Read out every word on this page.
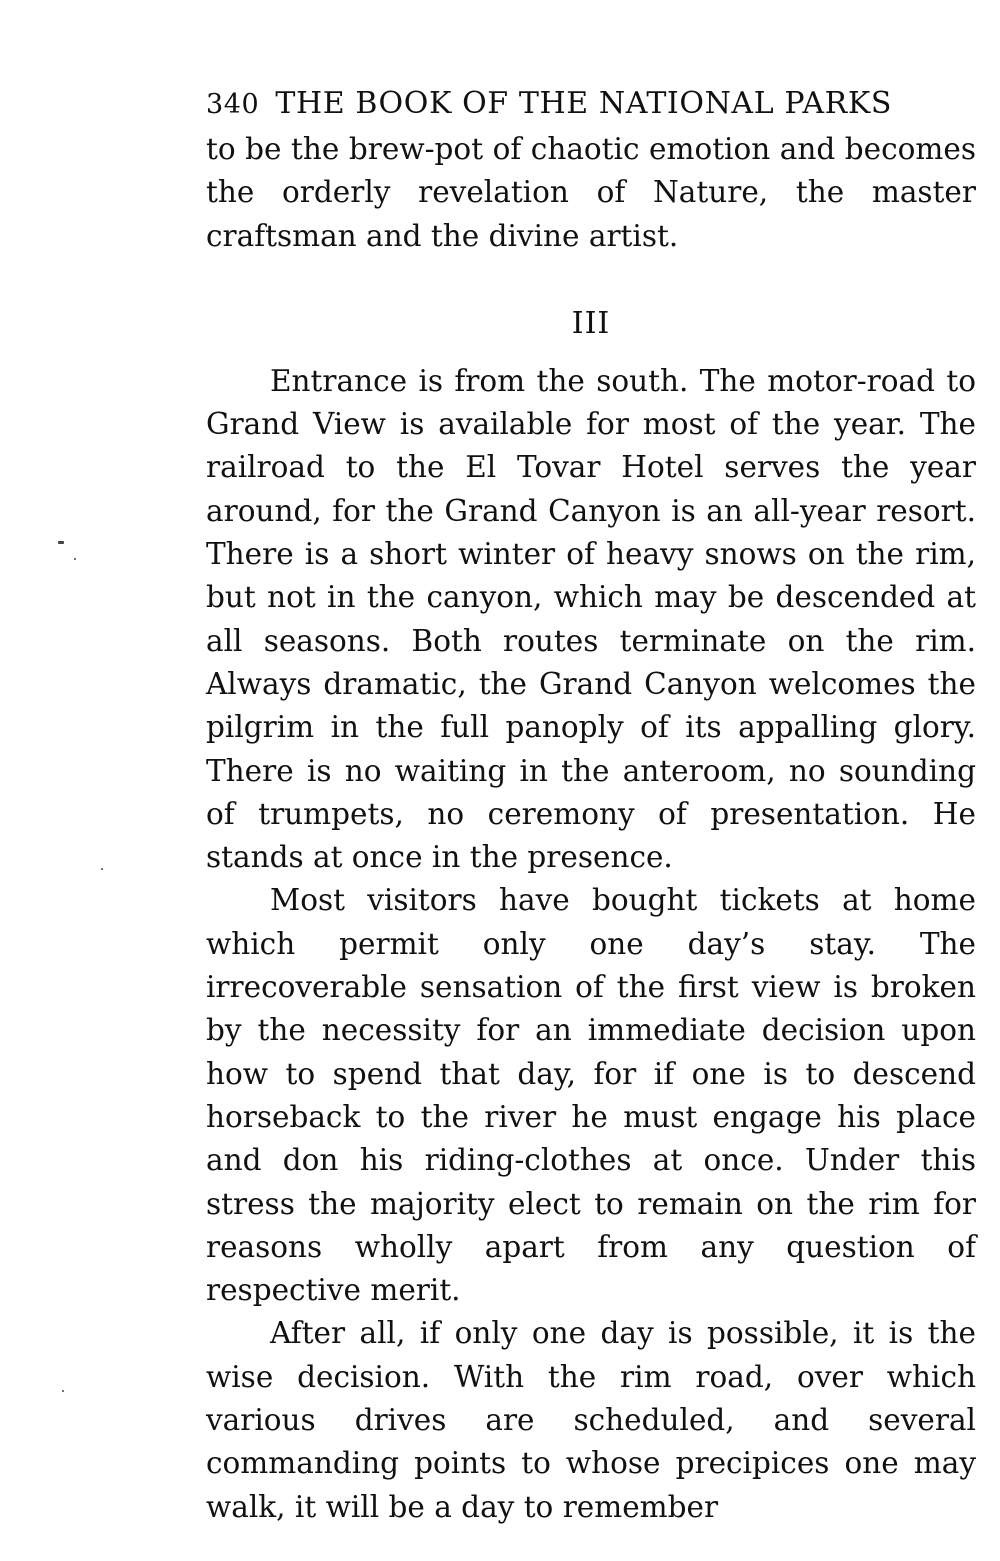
340 THE BOOK OF THE NATIONAL PARKS

to be the brew-pot of chaotic emotion and becomes the orderly revelation of Nature, the master craftsman and the divine artist.

III

Entrance is from the south. The motor-road to Grand View is available for most of the year. The railroad to the El Tovar Hotel serves the year around, for the Grand Canyon is an all-year resort. There is a short winter of heavy snows on the rim, but not in the canyon, which may be descended at all seasons. Both routes terminate on the rim. Always dramatic, the Grand Canyon welcomes the pilgrim in the full panoply of its appalling glory. There is no waiting in the anteroom, no sounding of trumpets, no ceremony of presentation. He stands at once in the presence.

Most visitors have bought tickets at home which permit only one day’s stay. The irrecoverable sensation of the first view is broken by the necessity for an immediate decision upon how to spend that day, for if one is to descend horseback to the river he must engage his place and don his riding-clothes at once. Under this stress the majority elect to remain on the rim for reasons wholly apart from any question of respective merit.

After all, if only one day is possible, it is the wise decision. With the rim road, over which various drives are scheduled, and several commanding points to whose precipices one may walk, it will be a day to remember
